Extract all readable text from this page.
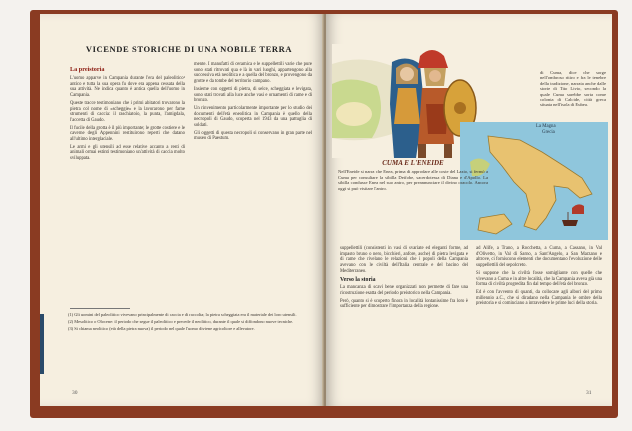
VICENDE STORICHE DI UNA NOBILE TERRA
La preistoria

L'uomo apparve in Campania durante l'era del paleolitico¹ antico e tutta la sua opera fu dove era appena cessata della sua attività. Ne indica quanto è antica quella dell'uomo in Campania.

Queste tracce testimoniano che i primi abitatori trovarono la pietra col nome di «scheggie» e la lavorarono per farne strumenti di caccia: il raschiatoio, la punta, l'amigdala, l'accetta di Gaudo.

Il fucile della grotta è il più importante; le grotte costiere e le caverne degli Appennini restituirono reperti che datano all'ultimo interglaciale.

Le armi e gli utensili ad esse relative accanto a resti di animali ormai estinti testimoniano un'attività di caccia molto sviluppata.

mente. I manufatti di ceramica e le suppellettili varie che pure sono stati ritrovati qua e là in vari luoghi, appartengono alla successiva età neolitica e a quella del bronzo, e provengono da grotte e da tombe del territorio campano.

Insieme con oggetti di pietra, di selce, scheggiata e levigata, sono stati trovati alla luce anche vasi e ornamenti di rame e di bronzo.

Un rinvenimento particolarmente importante per lo studio dei documenti dell'età eneolitica in Campania è quello della necropoli di Gaudo, scoperta nel 1943 da una pattuglia di soldati.

Gli oggetti di questa necropoli si conservano in gran parte nel museo di Paestum.

(1) Gli uomini del paleolitico vivevano principalmente di caccia e di raccolta; la pietra scheggiata era il materiale dei loro utensili.

(2) Mesolitico o Olocene: il periodo che segue il paleolitico e precede il neolitico, durante il quale si diffondono nuove tecniche.

(3) Si chiama neolitico (età della pietra nuova) il periodo nel quale l'uomo diviene agricoltore e allevatore.

30
di Cuma, dice che sorge nell'ombroso ritiro e fra le tenebre della tradizione, narrata anche dalle storie di Tito Livio, secondo la quale Cuma sarebbe sorta come colonia di Calcide, città greca situata nell'isola di Eubea.
La Magna
Grecia
CUMA E L'ENEIDE
Nell'Eneide si narra che Enea, prima di approdare alle coste del Lazio, si fermò a Cuma per consultare la sibilla Deifobe, sacerdotessa di Diana e d'Apollo. La sibilla condusse Enea nel suo antro, per preannunciare il divino oracolo. Ancora oggi si può visitare l'antro.

suppellettili (consistenti in vasi di svariate ed eleganti forme, ad impasto bruno o nero, bicchieri, anfore, asche) di pietra levigata e di rame che rivelano le relazioni che i popoli della Campania avevano con le civiltà dell'Italia centrale e del bacino del Mediterraneo.

Verso la storia

La mancanza di scavi bene organizzati non permette di fare una ricostruzione esatta del periodo preistorico nella Campania.

Però, quanto si è scoperto finora in località lontanissime fra loro è sufficiente per dimostrare l'importanza della regione.

ad Alife, a Trano, a Rocchetta, a Cuma, a Cassano, in Val d'Olivetto, in Val di Sarno, a Sant'Angelo, a San Marzano e altrove, ci forniscono elementi che documentano l'evoluzione delle suppellettili del sepolcreto.

Si suppone che la civiltà fosse somigliante con quelle che vivevano a Cuma e in altre località, che la Campania aveva già una forma di civiltà progredita fin dal tempo dell'età del bronzo.

Ed è con l'avvento di quanti, da collocare agli albori del primo millennio a.C., che si diradano nella Campania le ombre della preistoria e si cominciano a intravedere le prime luci della storia.

31
